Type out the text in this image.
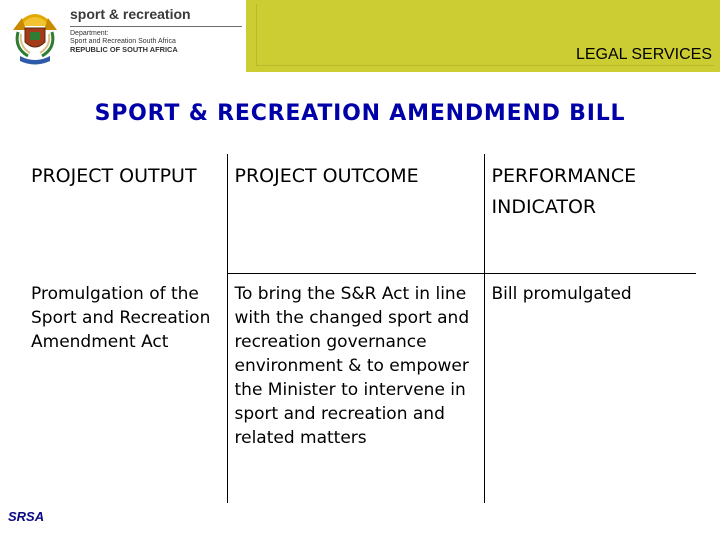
sport & recreation
Department:
Sport and Recreation South Africa
REPUBLIC OF SOUTH AFRICA	LEGAL SERVICES
SPORT & RECREATION AMENDMEND BILL
PROJECT OUTPUT	PROJECT OUTCOME	PERFORMANCE INDICATOR
Promulgation of the Sport and Recreation Amendment Act	To bring the S&R Act in line with the changed sport and recreation governance environment & to empower the Minister to intervene in sport and recreation and related matters	Bill promulgated
SRSA
